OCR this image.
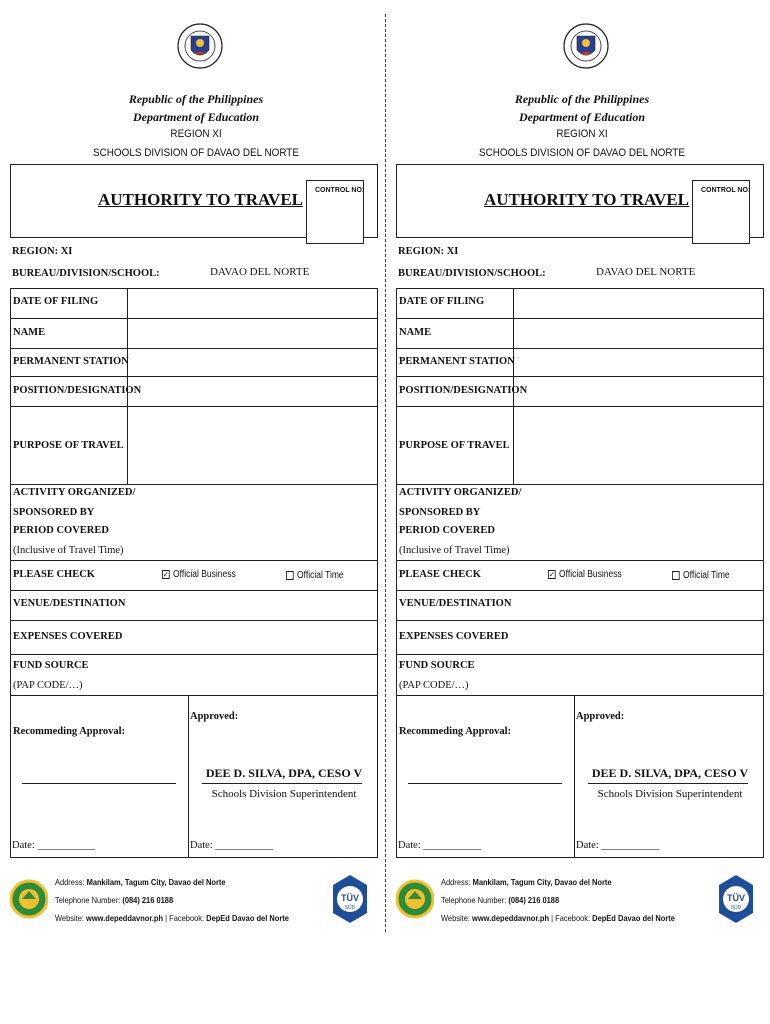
Republic of the Philippines
Department of Education
REGION XI
SCHOOLS DIVISION OF DAVAO DEL NORTE
AUTHORITY TO TRAVEL CONTROL NO:
REGION: XI
BUREAU/DIVISION/SCHOOL:	DAVAO DEL NORTE
DATE OF FILING
NAME
PERMANENT STATION
POSITION/DESIGNATION
PURPOSE OF TRAVEL
ACTIVITY ORGANIZED/
SPONSORED BY
PERIOD COVERED
(Inclusive of Travel Time)
PLEASE CHECK	✓ Official Business	Official Time
VENUE/DESTINATION
EXPENSES COVERED
FUND SOURCE
(PAP CODE/…)
Recommeding Approval:
Approved:
DEE D. SILVA, DPA, CESO V
Schools Division Superintendent
Date: ___________	Date: ___________
Address: Mankilam, Tagum City, Davao del Norte
Telephone Number: (084) 216 0188
Website: www.depeddavnor.ph | Facebook: DepEd Davao del Norte
TÜV
SÜD
Republic of the Philippines
Department of Education
REGION XI
SCHOOLS DIVISION OF DAVAO DEL NORTE
AUTHORITY TO TRAVEL CONTROL NO:
REGION: XI
BUREAU/DIVISION/SCHOOL:	DAVAO DEL NORTE
DATE OF FILING
NAME
PERMANENT STATION
POSITION/DESIGNATION
PURPOSE OF TRAVEL
ACTIVITY ORGANIZED/
SPONSORED BY
PERIOD COVERED
(Inclusive of Travel Time)
PLEASE CHECK	✓ Official Business	Official Time
VENUE/DESTINATION
EXPENSES COVERED
FUND SOURCE
(PAP CODE/…)
Recommeding Approval:
Approved:
DEE D. SILVA, DPA, CESO V
Schools Division Superintendent
Date: ___________	Date: ___________
Address: Mankilam, Tagum City, Davao del Norte
Telephone Number: (084) 216 0188
Website: www.depeddavnor.ph | Facebook: DepEd Davao del Norte
TÜV
SÜD
